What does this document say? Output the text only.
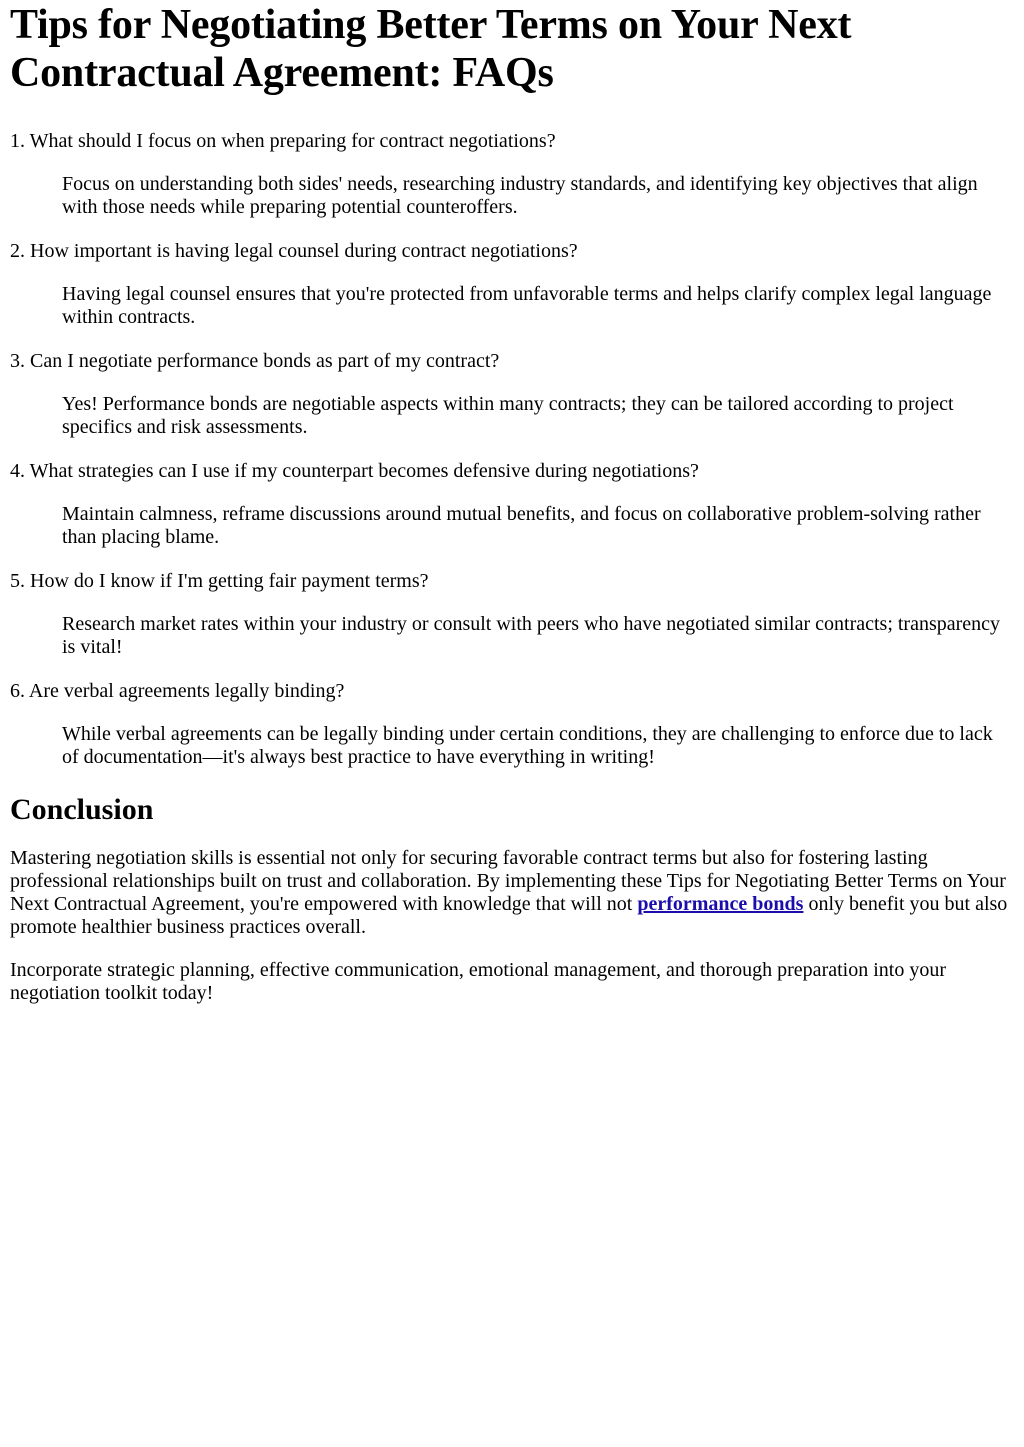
Tips for Negotiating Better Terms on Your Next Contractual Agreement: FAQs

1. What should I focus on when preparing for contract negotiations?

Focus on understanding both sides' needs, researching industry standards, and identifying key objectives that align with those needs while preparing potential counteroffers.

2. How important is having legal counsel during contract negotiations?

Having legal counsel ensures that you're protected from unfavorable terms and helps clarify complex legal language within contracts.

3. Can I negotiate performance bonds as part of my contract?

Yes! Performance bonds are negotiable aspects within many contracts; they can be tailored according to project specifics and risk assessments.

4. What strategies can I use if my counterpart becomes defensive during negotiations?

Maintain calmness, reframe discussions around mutual benefits, and focus on collaborative problem-solving rather than placing blame.

5. How do I know if I'm getting fair payment terms?

Research market rates within your industry or consult with peers who have negotiated similar contracts; transparency is vital!

6. Are verbal agreements legally binding?

While verbal agreements can be legally binding under certain conditions, they are challenging to enforce due to lack of documentation—it's always best practice to have everything in writing!

Conclusion

Mastering negotiation skills is essential not only for securing favorable contract terms but also for fostering lasting professional relationships built on trust and collaboration. By implementing these Tips for Negotiating Better Terms on Your Next Contractual Agreement, you're empowered with knowledge that will not performance bonds only benefit you but also promote healthier business practices overall.

Incorporate strategic planning, effective communication, emotional management, and thorough preparation into your negotiation toolkit today!
